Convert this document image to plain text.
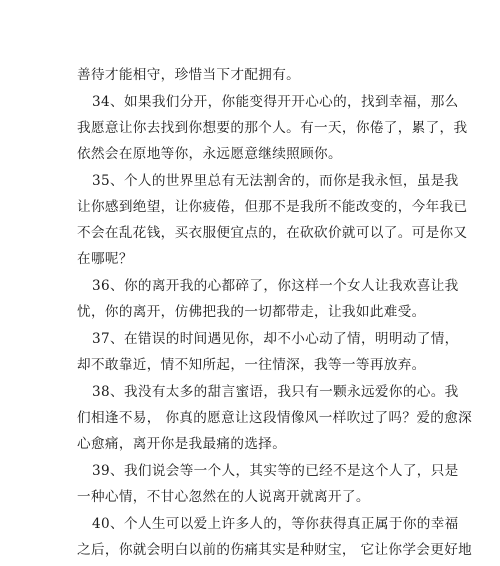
善待才能相守，珍惜当下才配拥有。
34、如果我们分开，你能变得开开心心的，找到幸福，那么
我愿意让你去找到你想要的那个人。有一天，你倦了，累了，我
依然会在原地等你，永远愿意继续照顾你。
35、个人的世界里总有无法割舍的，而你是我永恒，虽是我
让你感到绝望，让你疲倦，但那不是我所不能改变的，今年我已
不会在乱花钱，买衣服便宜点的，在砍砍价就可以了。可是你又
在哪呢？
36、你的离开我的心都碎了，你这样一个女人让我欢喜让我
忧，你的离开，仿佛把我的一切都带走，让我如此难受。
37、在错误的时间遇见你，却不小心动了情，明明动了情，
却不敢靠近，情不知所起，一往情深，我等一等再放弃。
38、我没有太多的甜言蜜语，我只有一颗永远爱你的心。我
们相逢不易， 你真的愿意让这段情像风一样吹过了吗？爱的愈深
心愈痛，离开你是我最痛的选择。
39、我们说会等一个人，其实等的已经不是这个人了，只是
一种心情，不甘心忽然在的人说离开就离开了。
40、个人生可以爱上许多人的，等你获得真正属于你的幸福
之后，你就会明白以前的伤痛其实是种财宝， 它让你学会更好地
